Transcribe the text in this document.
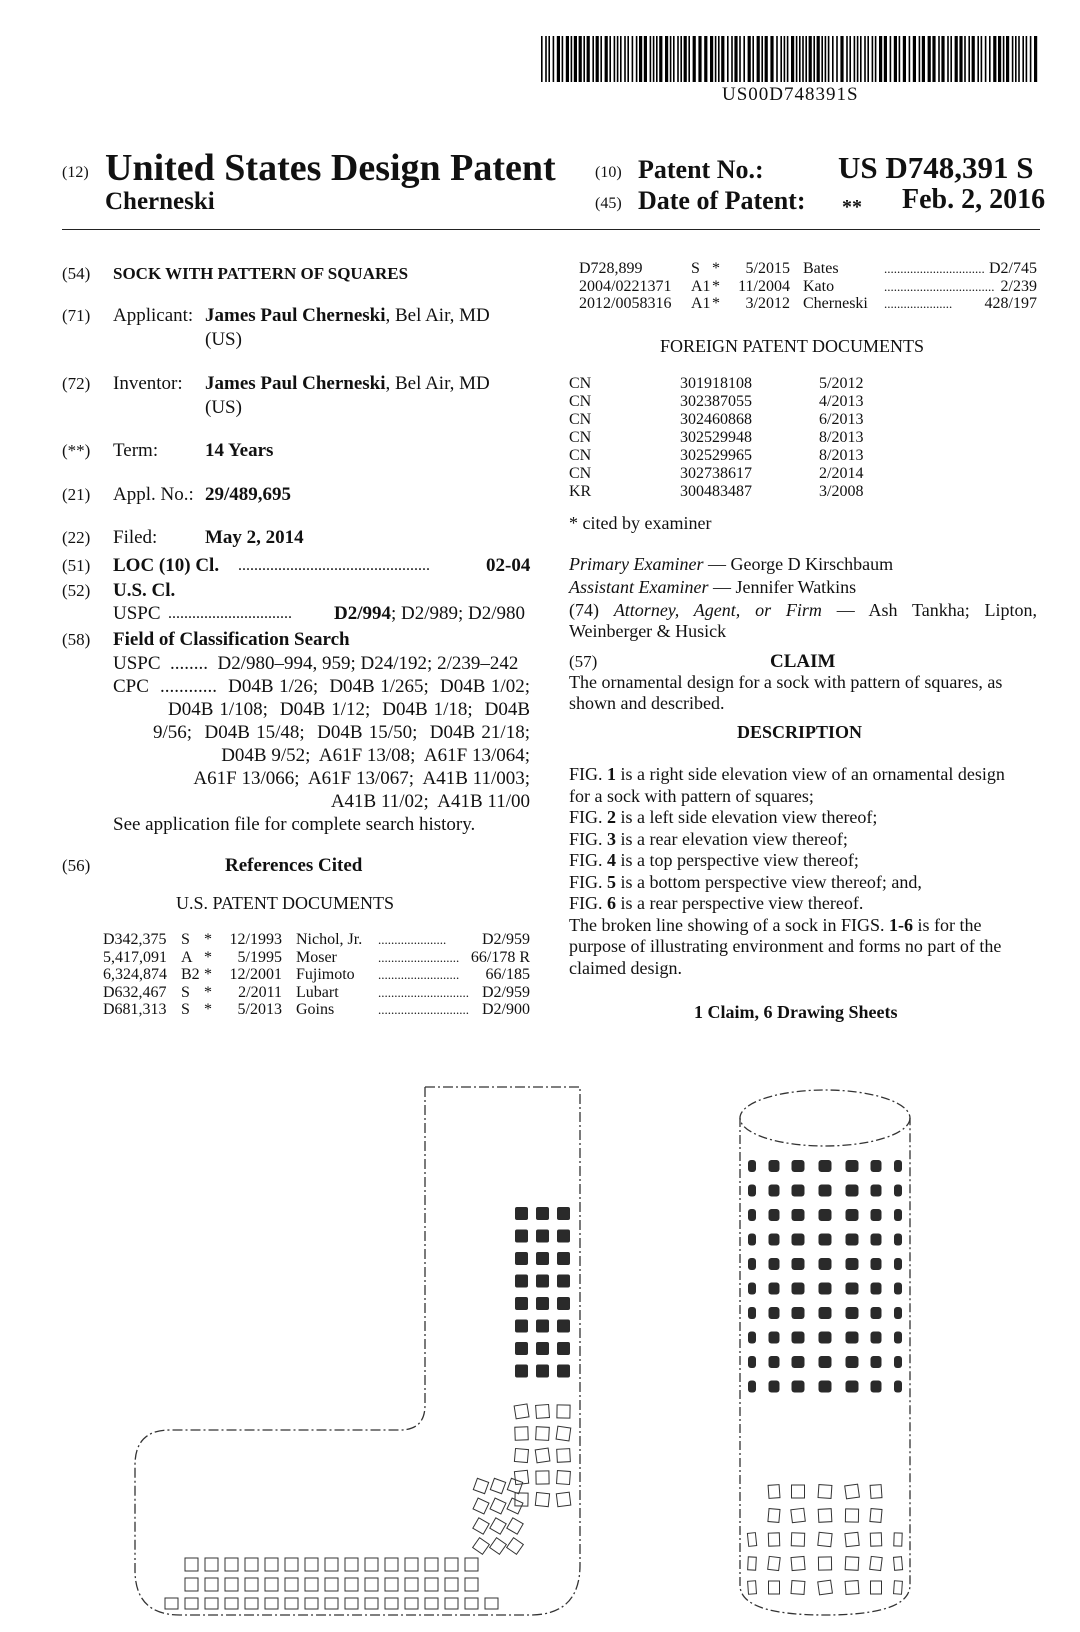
US00D748391S
(12) United States Design Patent
Cherneski
(10) Patent No.: US D748,391 S
(45) Date of Patent: ** Feb. 2, 2016
(54) SOCK WITH PATTERN OF SQUARES
(71) Applicant: James Paul Cherneski, Bel Air, MD
(US)
(72) Inventor: James Paul Cherneski, Bel Air, MD
(US)
(**) Term: 14 Years
(21) Appl. No.: 29/489,695
(22) Filed:	May 2, 2014
(51) LOC (10) Cl. ................................................	02-04
(52) U.S. Cl.
USPC ............................... D2/994; D2/989; D2/980
(58) Field of Classification Search
USPC  ........  D2/980–994, 959; D24/192; 2/239–242
CPC  ............  D04B 1/26;  D04B 1/265;  D04B 1/02;
D04B 1/108;  D04B 1/12;  D04B 1/18;  D04B
9/56;  D04B 15/48;  D04B 15/50;  D04B 21/18;
D04B 9/52;  A61F 13/08;  A61F 13/064;
A61F 13/066;  A61F 13/067;  A41B 11/003;
A41B 11/02;  A41B 11/00
See application file for complete search history.
(56)	References Cited
U.S. PATENT DOCUMENTS
D342,375 S *	12/1993 Nichol, Jr. .....................	D2/959
5,417,091 A *	5/1995 Moser	......................... 66/178 R
6,324,874 B2 *	12/2001 Fujimoto .........................	66/185
D632,467 S *	2/2011 Lubart	............................ D2/959
D681,313 S *	5/2013 Goins	............................ D2/900
D728,899	S *	5/2015 Bates	............................... D2/745
2004/0221371 A1 *	11/2004 Kato	.................................. 2/239
2012/0058316 A1 *	3/2012 Cherneski .....................	428/197
FOREIGN PATENT DOCUMENTS
CN	301918108	5/2012
CN	302387055	4/2013
CN	302460868	6/2013
CN	302529948	8/2013
CN	302529965	8/2013
CN	302738617	2/2014
KR	300483487	3/2008
* cited by examiner
Primary Examiner — George D Kirschbaum
Assistant Examiner — Jennifer Watkins
(74) Attorney, Agent, or Firm — Ash Tankha; Lipton,
Weinberger & Husick
(57)	CLAIM
The ornamental design for a sock with pattern of squares, as
shown and described.
DESCRIPTION
FIG. 1 is a right side elevation view of an ornamental design
for a sock with pattern of squares;
FIG. 2 is a left side elevation view thereof;
FIG. 3 is a rear elevation view thereof;
FIG. 4 is a top perspective view thereof;
FIG. 5 is a bottom perspective view thereof; and,
FIG. 6 is a rear perspective view thereof.
The broken line showing of a sock in FIGS. 1-6 is for the
purpose of illustrating environment and forms no part of the
claimed design.
1 Claim, 6 Drawing Sheets
